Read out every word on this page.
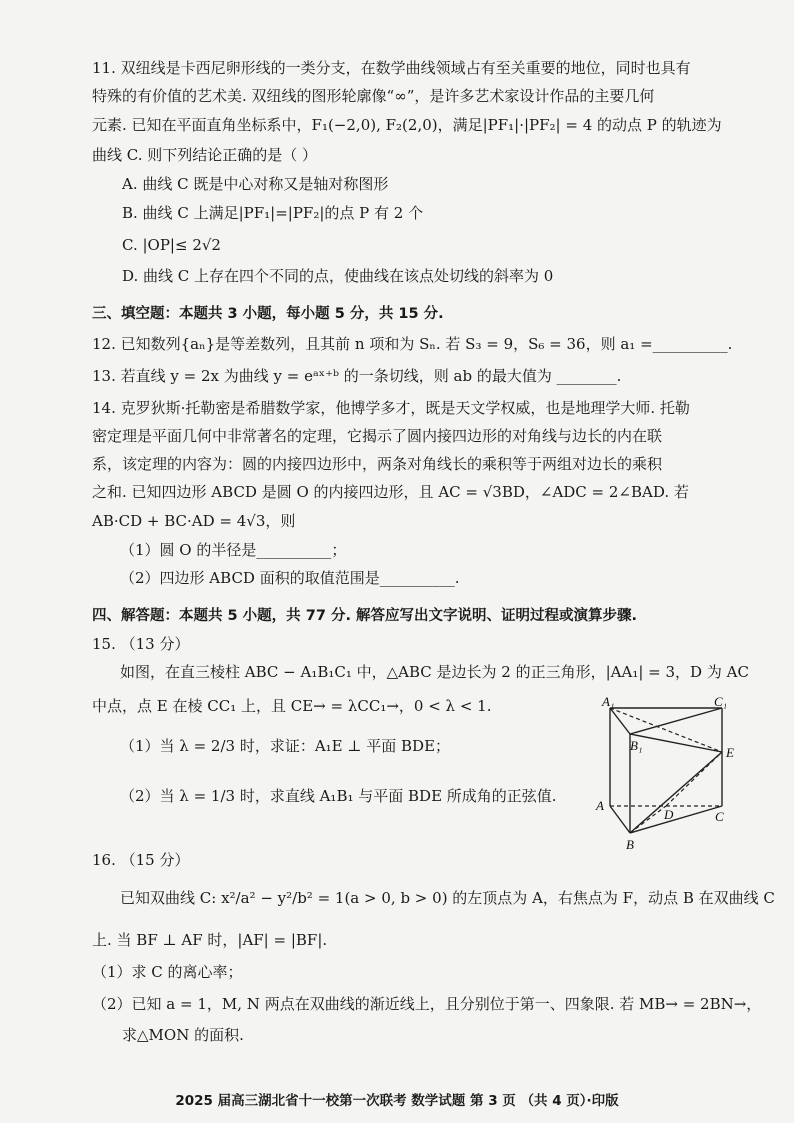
11. 双纽线是卡西尼卵形线的一类分支，在数学曲线领域占有至关重要的地位，同时也具有
特殊的有价值的艺术美. 双纽线的图形轮廓像“∞”，是许多艺术家设计作品的主要几何
元素. 已知在平面直角坐标系中，F₁(−2,0), F₂(2,0)，满足|PF₁|·|PF₂| = 4 的动点 P 的轨迹为
曲线 C. 则下列结论正确的是（ ）
A. 曲线 C 既是中心对称又是轴对称图形
B. 曲线 C 上满足|PF₁|=|PF₂|的点 P 有 2 个
C. |OP|≤ 2√2
D. 曲线 C 上存在四个不同的点，使曲线在该点处切线的斜率为 0
三、填空题：本题共 3 小题，每小题 5 分，共 15 分.
12. 已知数列{aₙ}是等差数列，且其前 n 项和为 Sₙ. 若 S₃ = 9，S₆ = 36，则 a₁ =__________.
13. 若直线 y = 2x 为曲线 y = eᵃˣ⁺ᵇ 的一条切线，则 ab 的最大值为 ________.
14. 克罗狄斯·托勒密是希腊数学家，他博学多才，既是天文学权威，也是地理学大师. 托勒
密定理是平面几何中非常著名的定理，它揭示了圆内接四边形的对角线与边长的内在联
系，该定理的内容为：圆的内接四边形中，两条对角线长的乘积等于两组对边长的乘积
之和. 已知四边形 ABCD 是圆 O 的内接四边形，且 AC = √3BD，∠ADC = 2∠BAD. 若
AB·CD + BC·AD = 4√3，则
（1）圆 O 的半径是__________；
（2）四边形 ABCD 面积的取值范围是__________.
四、解答题：本题共 5 小题，共 77 分. 解答应写出文字说明、证明过程或演算步骤.
15. （13 分）
如图，在直三棱柱 ABC − A₁B₁C₁ 中，△ABC 是边长为 2 的正三角形，|AA₁| = 3，D 为 AC
中点，点 E 在棱 CC₁ 上，且 CE→ = λCC₁→，0 < λ < 1.
（1）当 λ = 2/3 时，求证：A₁E ⊥ 平面 BDE；
（2）当 λ = 1/3 时，求直线 A₁B₁ 与平面 BDE 所成角的正弦值.
A₁	C₁
B₁	E
A
D	C
B
16. （15 分）
已知双曲线 C: x²/a² − y²/b² = 1(a > 0, b > 0) 的左顶点为 A，右焦点为 F，动点 B 在双曲线 C
上. 当 BF ⊥ AF 时，|AF| = |BF|.
（1）求 C 的离心率；
（2）已知 a = 1，M, N 两点在双曲线的渐近线上，且分别位于第一、四象限. 若 MB→ = 2BN→，
求△MON 的面积.
2025 届高三湖北省十一校第一次联考 数学试题 第 3 页 （共 4 页）·印版
